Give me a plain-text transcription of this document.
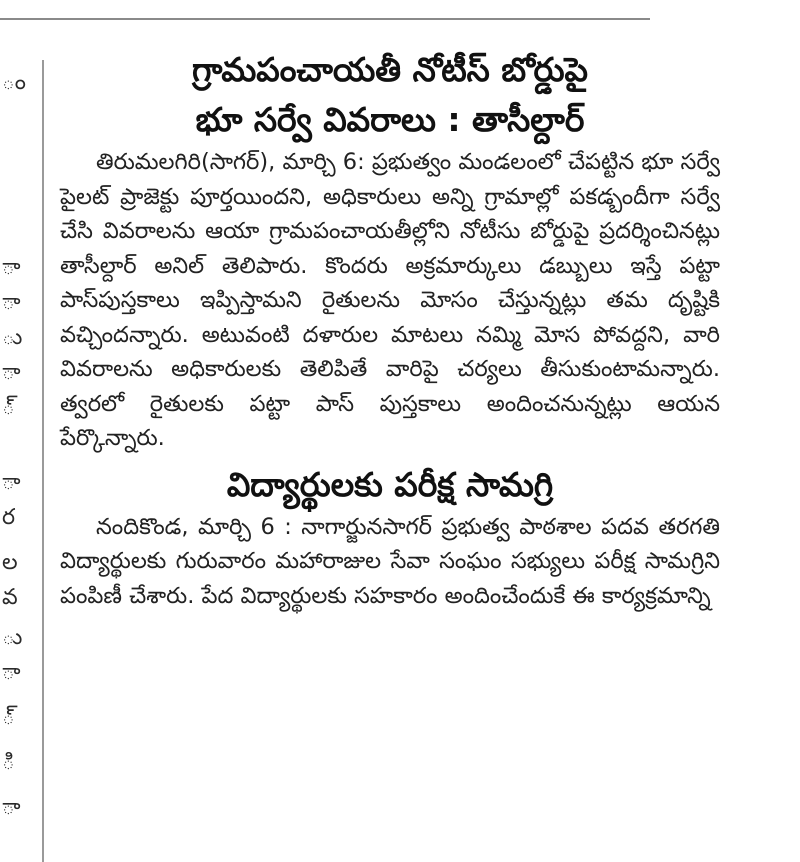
ం
ా
ా
ు
ా
్
ా
ర
ల
వ
ు
ా
్
ి
ా
గ్రామపంచాయతీ నోటీస్ బోర్డుపై
భూ సర్వే వివరాలు : తాసీల్దార్

తిరుమలగిరి(సాగర్), మార్చి 6: ప్రభుత్వం మండలంలో చేపట్టిన భూ సర్వే పైలట్ ప్రాజెక్టు పూర్తయిందని, అధికారులు అన్ని గ్రామాల్లో పకడ్బందీగా సర్వే చేసి వివరాలను ఆయా గ్రామపంచాయతీల్లోని నోటీసు బోర్డుపై ప్రదర్శించినట్లు తాసీల్దార్ అనిల్ తెలిపారు. కొందరు అక్రమార్కులు డబ్బులు ఇస్తే పట్టా పాస్‌పుస్తకాలు ఇప్పిస్తామని రైతులను మోసం చేస్తున్నట్లు తమ దృష్టికి వచ్చిందన్నారు. అటువంటి దళారుల మాటలు నమ్మి మోస పోవద్దని, వారి వివరాలను అధికారులకు తెలిపితే వారిపై చర్యలు తీసుకుంటామన్నారు. త్వరలో రైతులకు పట్టా పాస్ పుస్తకాలు అందించనున్నట్లు ఆయన పేర్కొన్నారు.

విద్యార్థులకు పరీక్ష సామగ్రి

నందికొండ, మార్చి 6 : నాగార్జునసాగర్ ప్రభుత్వ పాఠశాల పదవ తరగతి విద్యార్థులకు గురువారం మహారాజుల సేవా సంఘం సభ్యులు పరీక్ష సామగ్రిని పంపిణీ చేశారు. పేద విద్యార్థులకు సహకారం అందించేందుకే ఈ కార్యక్రమాన్ని
